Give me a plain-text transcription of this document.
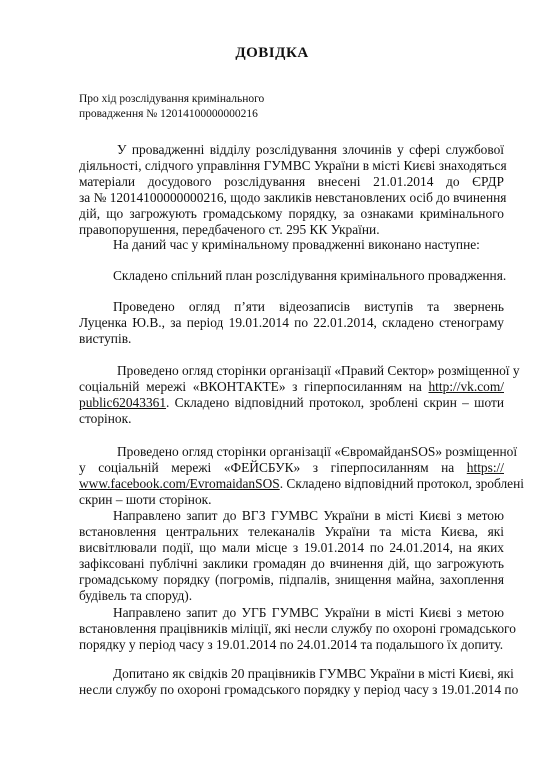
ДОВІДКА
Про хід розслідування кримінального
провадження № 12014100000000216
У провадженні відділу розслідування злочинів у сфері службової
діяльності, слідчого управління ГУМВС України в місті Києві знаходяться
матеріали досудового розслідування внесені 21.01.2014 до ЄРДР
за № 12014100000000216, щодо закликів невстановлених осіб до вчинення
дій, що загрожують громадському порядку, за ознаками кримінального
правопорушення, передбаченого ст. 295 КК України.
На даний час у кримінальному провадженні виконано наступне:
Складено спільний план розслідування кримінального провадження.
Проведено огляд п’яти відеозаписів виступів та звернень
Луценка Ю.В., за період 19.01.2014 по 22.01.2014, складено стенограму
виступів.
Проведено огляд сторінки організації «Правий Сектор» розміщенної у
соціальній мережі «ВКОНТАКТЕ» з гіперпосиланням на http://vk.com/
public62043361. Складено відповідний протокол, зроблені скрин – шоти
сторінок.
Проведено огляд сторінки організації «ЄвромайданSOS» розміщенної
у соціальній мережі «ФЕЙСБУК» з гіперпосиланням на https://
www.facebook.com/EvromaidanSOS. Складено відповідний протокол, зроблені
скрин – шоти сторінок.
Направлено запит до ВГЗ ГУМВС України в місті Києві з метою
встановлення центральних телеканалів України та міста Києва, які
висвітлювали події, що мали місце з 19.01.2014 по 24.01.2014, на яких
зафіксовані публічні заклики громадян до вчинення дій, що загрожують
громадському порядку (погромів, підпалів, знищення майна, захоплення
будівель та споруд).
Направлено запит до УГБ ГУМВС України в місті Києві з метою
встановлення працівників міліції, які несли службу по охороні громадського
порядку у період часу з 19.01.2014 по 24.01.2014 та подальшого їх допиту.
Допитано як свідків 20 працівників ГУМВС України в місті Києві, які
несли службу по охороні громадського порядку у період часу з 19.01.2014 по
